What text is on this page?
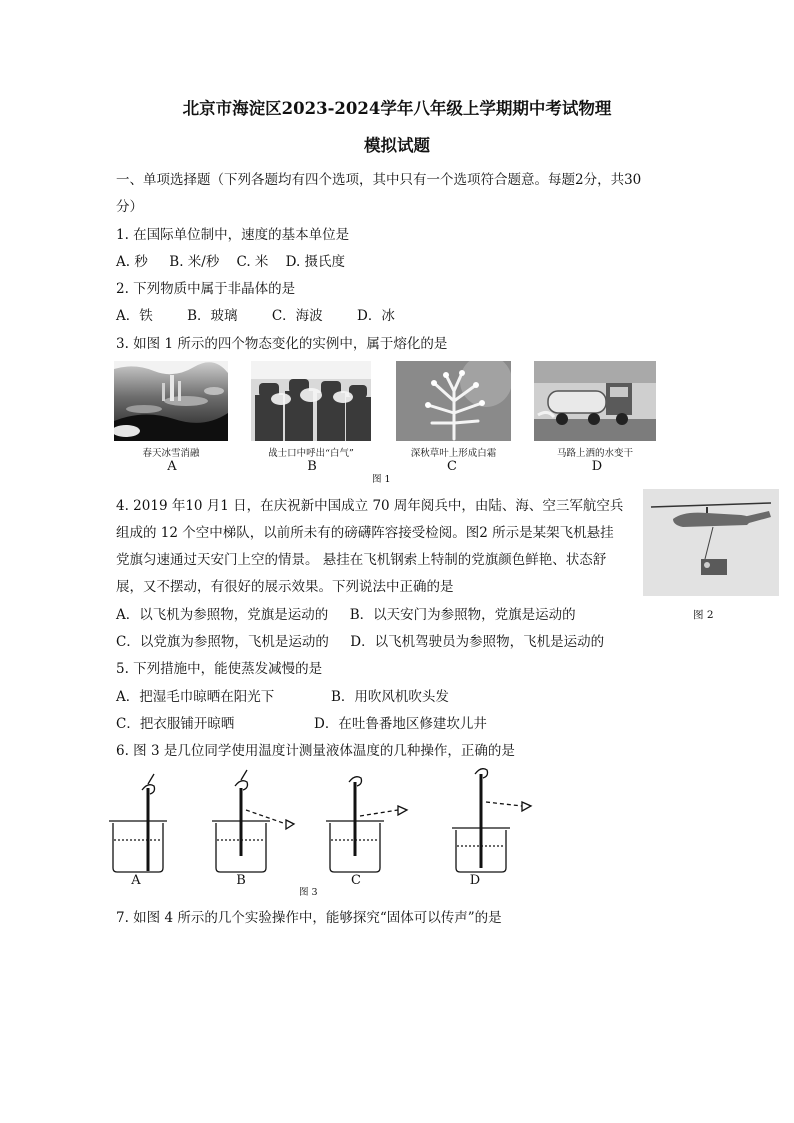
北京市海淀区2023-2024学年八年级上学期期中考试物理
模拟试题
一、单项选择题（下列各题均有四个选项，其中只有一个选项符合题意。每题2分，共30
分）
1. 在国际单位制中，速度的基本单位是
A. 秒     B. 米/秒    C. 米    D. 摄氏度
2. 下列物质中属于非晶体的是
A．铁        B．玻璃        C．海波        D．冰
3. 如图 1 所示的四个物态变化的实例中，属于熔化的是
春天冰雪消融	战士口中呼出“白气”	深秋草叶上形成白霜	马路上洒的水变干
A	B	C	D
图 1
4. 2019 年10 月1 日，在庆祝新中国成立 70 周年阅兵中，由陆、海、空三军航空兵
组成的 12 个空中梯队，以前所未有的磅礴阵容接受检阅。图2 所示是某架飞机悬挂
党旗匀速通过天安门上空的情景。 悬挂在飞机钢索上特制的党旗颜色鲜艳、状态舒
展，又不摆动，有很好的展示效果。下列说法中正确的是
A．以飞机为参照物，党旗是运动的     B．以天安门为参照物，党旗是运动的
C．以党旗为参照物，飞机是运动的     D．以飞机驾驶员为参照物，飞机是运动的
图 2
5. 下列措施中，能使蒸发减慢的是
A．把湿毛巾晾晒在阳光下	B．用吹风机吹头发
C．把衣服铺开晾晒	D．在吐鲁番地区修建坎儿井
6. 图 3 是几位同学使用温度计测量液体温度的几种操作，正确的是
A	B	C	D
图 3
7. 如图 4 所示的几个实验操作中，能够探究“固体可以传声”的是
